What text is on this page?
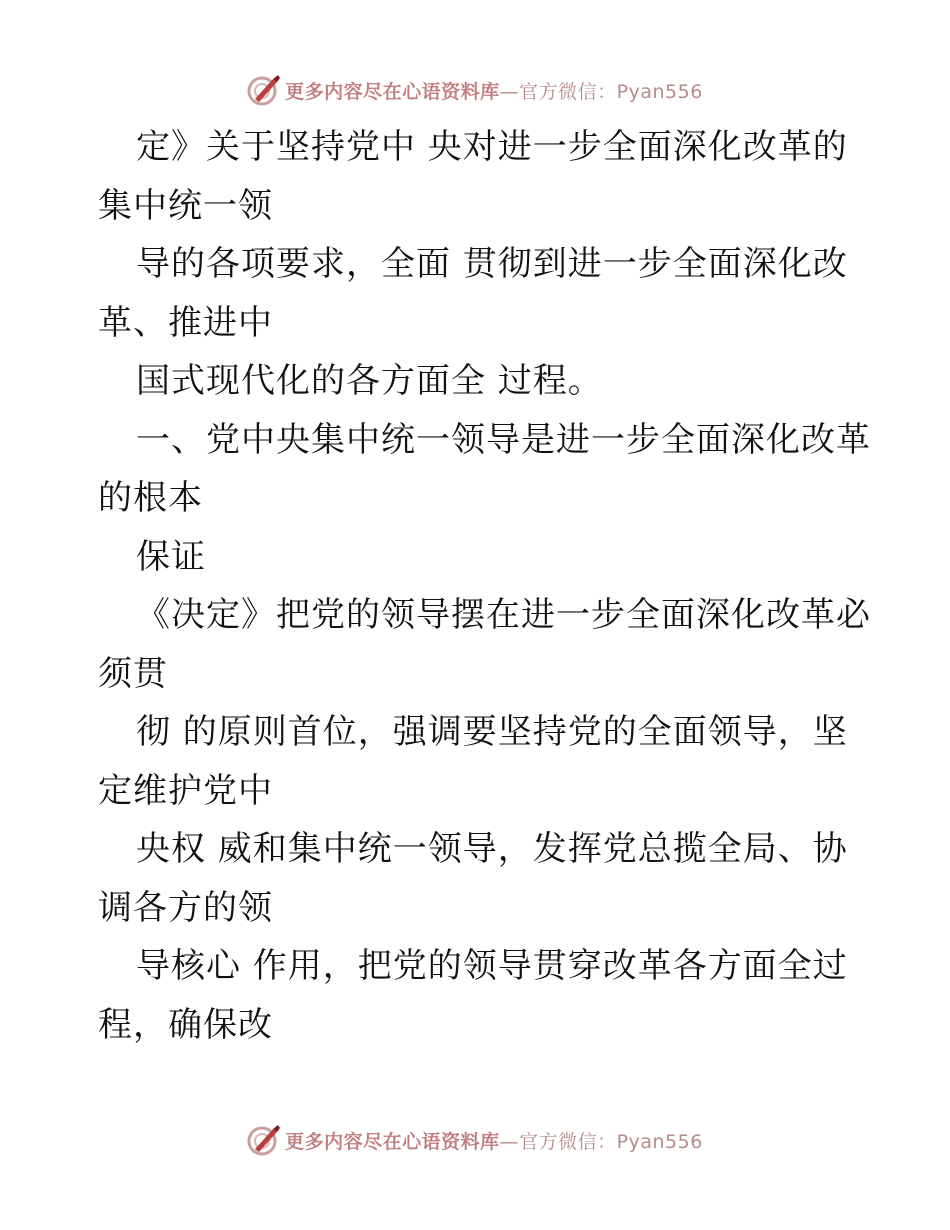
更多内容尽在心语资料库—官方微信：Pyan556
定》关于坚持党中 央对进一步全面深化改革的
集中统一领
导的各项要求，全面 贯彻到进一步全面深化改
革、推进中
国式现代化的各方面全 过程。
一、党中央集中统一领导是进一步全面深化改革
的根本
保证
《决定》把党的领导摆在进一步全面深化改革必
须贯
彻 的原则首位，强调要坚持党的全面领导，坚
定维护党中
央权 威和集中统一领导，发挥党总揽全局、协
调各方的领
导核心 作用，把党的领导贯穿改革各方面全过
程，确保改
更多内容尽在心语资料库—官方微信：Pyan556
